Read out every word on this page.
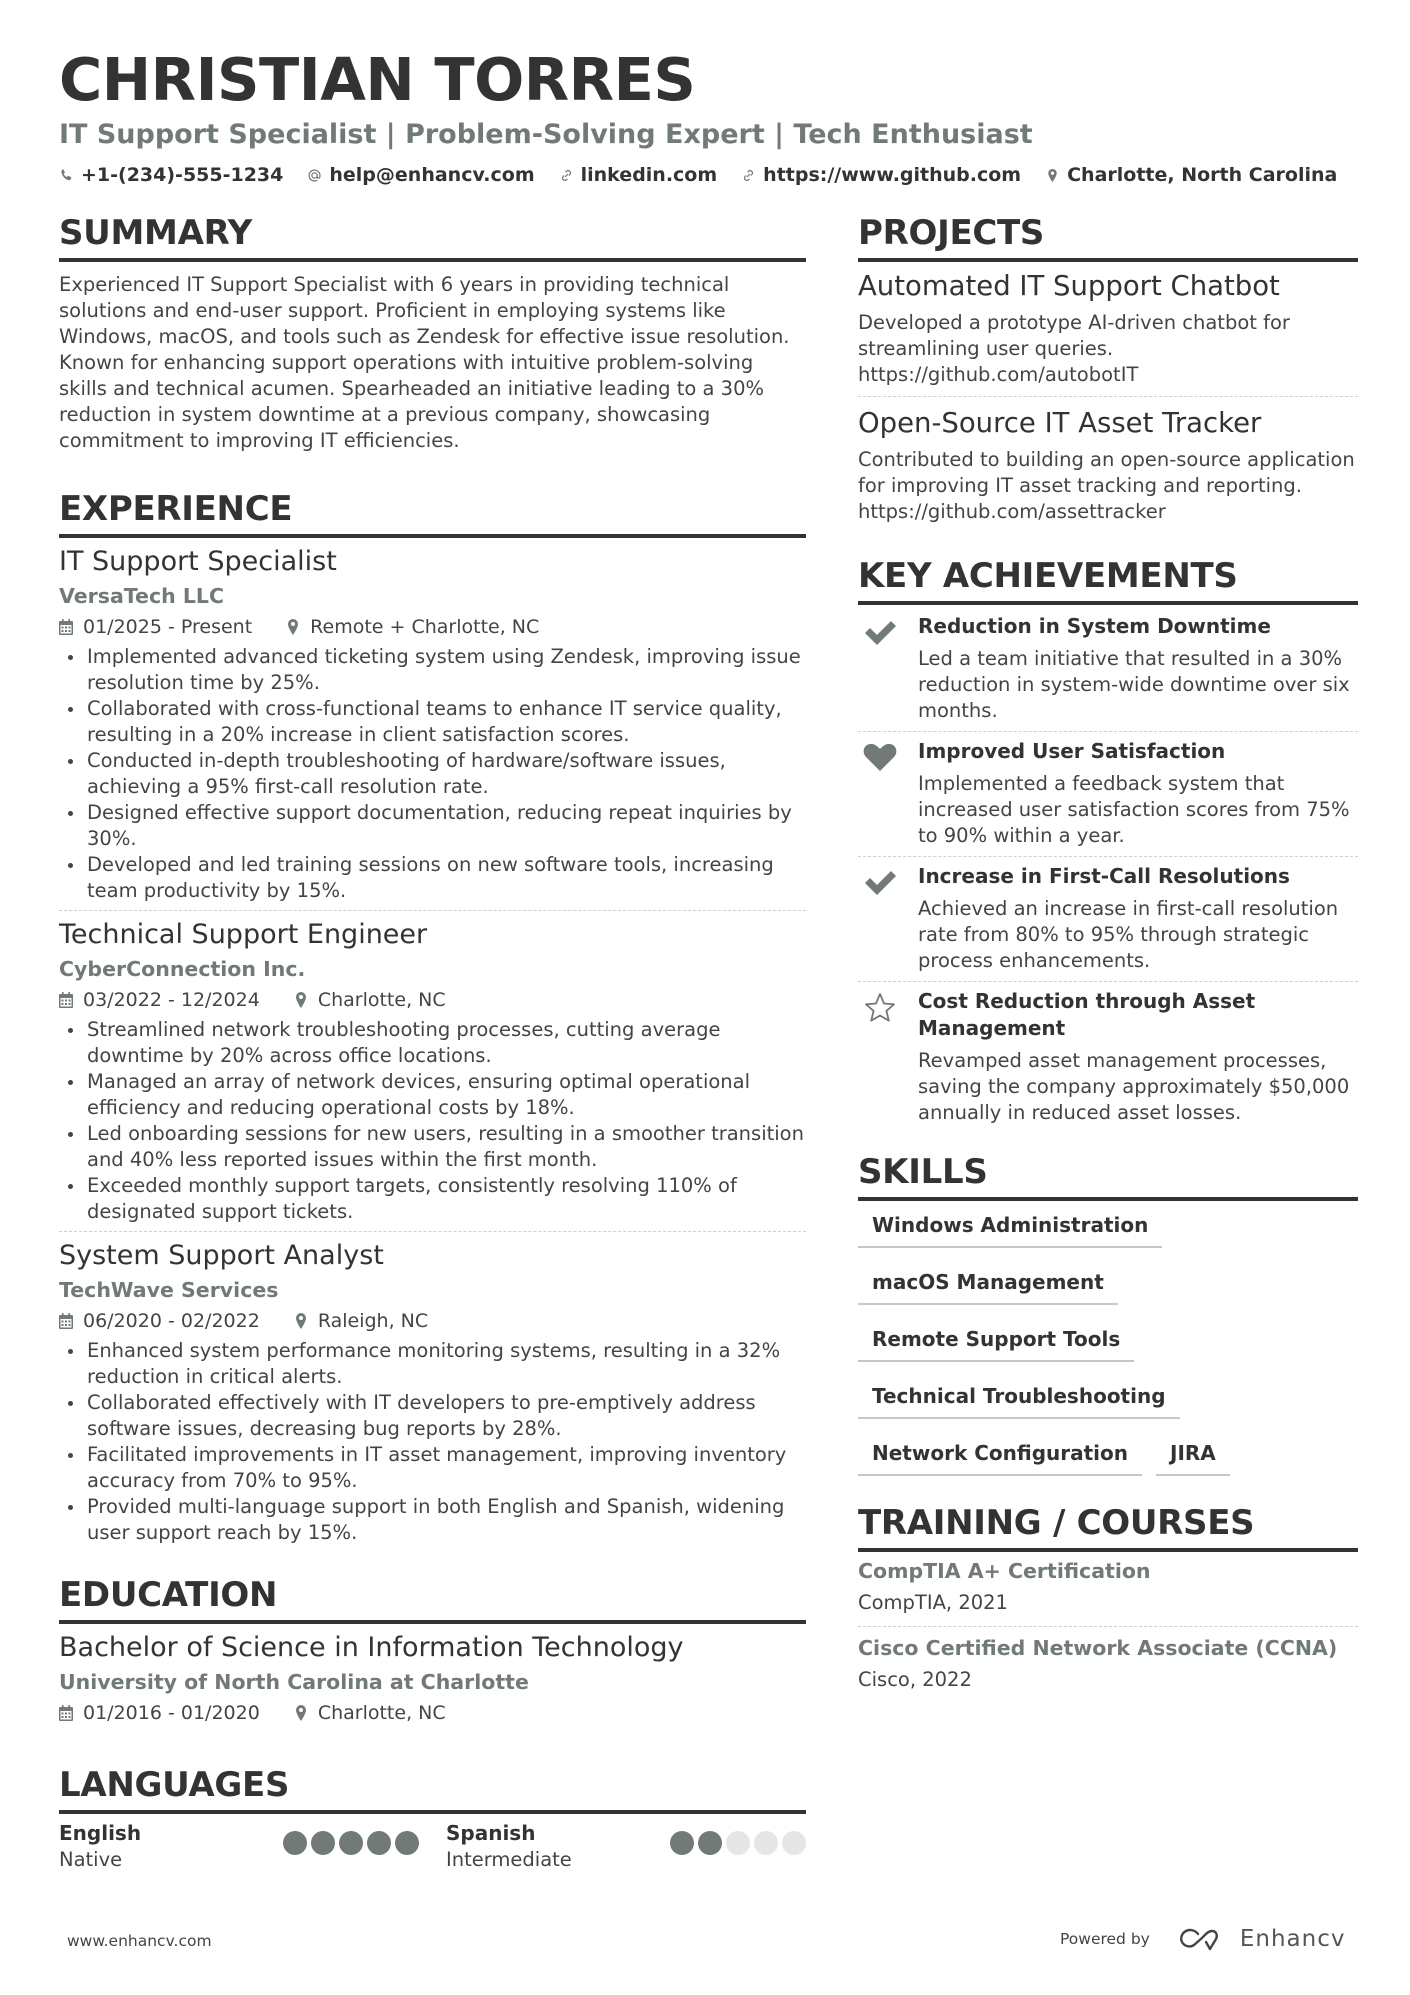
CHRISTIAN TORRES
IT Support Specialist | Problem-Solving Expert | Tech Enthusiast
+1-(234)-555-1234 help@enhancv.com linkedin.com https://www.github.com Charlotte, North Carolina
SUMMARY
Experienced IT Support Specialist with 6 years in providing technical solutions and end-user support. Proficient in employing systems like Windows, macOS, and tools such as Zendesk for effective issue resolution. Known for enhancing support operations with intuitive problem-solving skills and technical acumen. Spearheaded an initiative leading to a 30% reduction in system downtime at a previous company, showcasing commitment to improving IT efficiencies.
EXPERIENCE
IT Support Specialist
VersaTech LLC
01/2025 - Present	Remote + Charlotte, NC
Implemented advanced ticketing system using Zendesk, improving issue resolution time by 25%.
Collaborated with cross-functional teams to enhance IT service quality, resulting in a 20% increase in client satisfaction scores.
Conducted in-depth troubleshooting of hardware/software issues, achieving a 95% first-call resolution rate.
Designed effective support documentation, reducing repeat inquiries by 30%.
Developed and led training sessions on new software tools, increasing team productivity by 15%.
Technical Support Engineer
CyberConnection Inc.
03/2022 - 12/2024	Charlotte, NC
Streamlined network troubleshooting processes, cutting average downtime by 20% across office locations.
Managed an array of network devices, ensuring optimal operational efficiency and reducing operational costs by 18%.
Led onboarding sessions for new users, resulting in a smoother transition and 40% less reported issues within the first month.
Exceeded monthly support targets, consistently resolving 110% of designated support tickets.
System Support Analyst
TechWave Services
06/2020 - 02/2022	Raleigh, NC
Enhanced system performance monitoring systems, resulting in a 32% reduction in critical alerts.
Collaborated effectively with IT developers to pre-emptively address software issues, decreasing bug reports by 28%.
Facilitated improvements in IT asset management, improving inventory accuracy from 70% to 95%.
Provided multi-language support in both English and Spanish, widening user support reach by 15%.
EDUCATION
Bachelor of Science in Information Technology
University of North Carolina at Charlotte
01/2016 - 01/2020	Charlotte, NC
LANGUAGES
English
Native
Spanish
Intermediate
PROJECTS
Automated IT Support Chatbot
Developed a prototype AI-driven chatbot for streamlining user queries. https://github.com/autobotIT
Open-Source IT Asset Tracker
Contributed to building an open-source application for improving IT asset tracking and reporting. https://github.com/assettracker
KEY ACHIEVEMENTS
Reduction in System Downtime
Led a team initiative that resulted in a 30% reduction in system-wide downtime over six months.
Improved User Satisfaction
Implemented a feedback system that increased user satisfaction scores from 75% to 90% within a year.
Increase in First-Call Resolutions
Achieved an increase in first-call resolution rate from 80% to 95% through strategic process enhancements.
Cost Reduction through Asset Management
Revamped asset management processes, saving the company approximately $50,000 annually in reduced asset losses.
SKILLS
Windows Administration
macOS Management
Remote Support Tools
Technical Troubleshooting
Network Configuration	JIRA
TRAINING / COURSES
CompTIA A+ Certification
CompTIA, 2021
Cisco Certified Network Associate (CCNA)
Cisco, 2022
www.enhancv.com	Powered by	Enhancv
